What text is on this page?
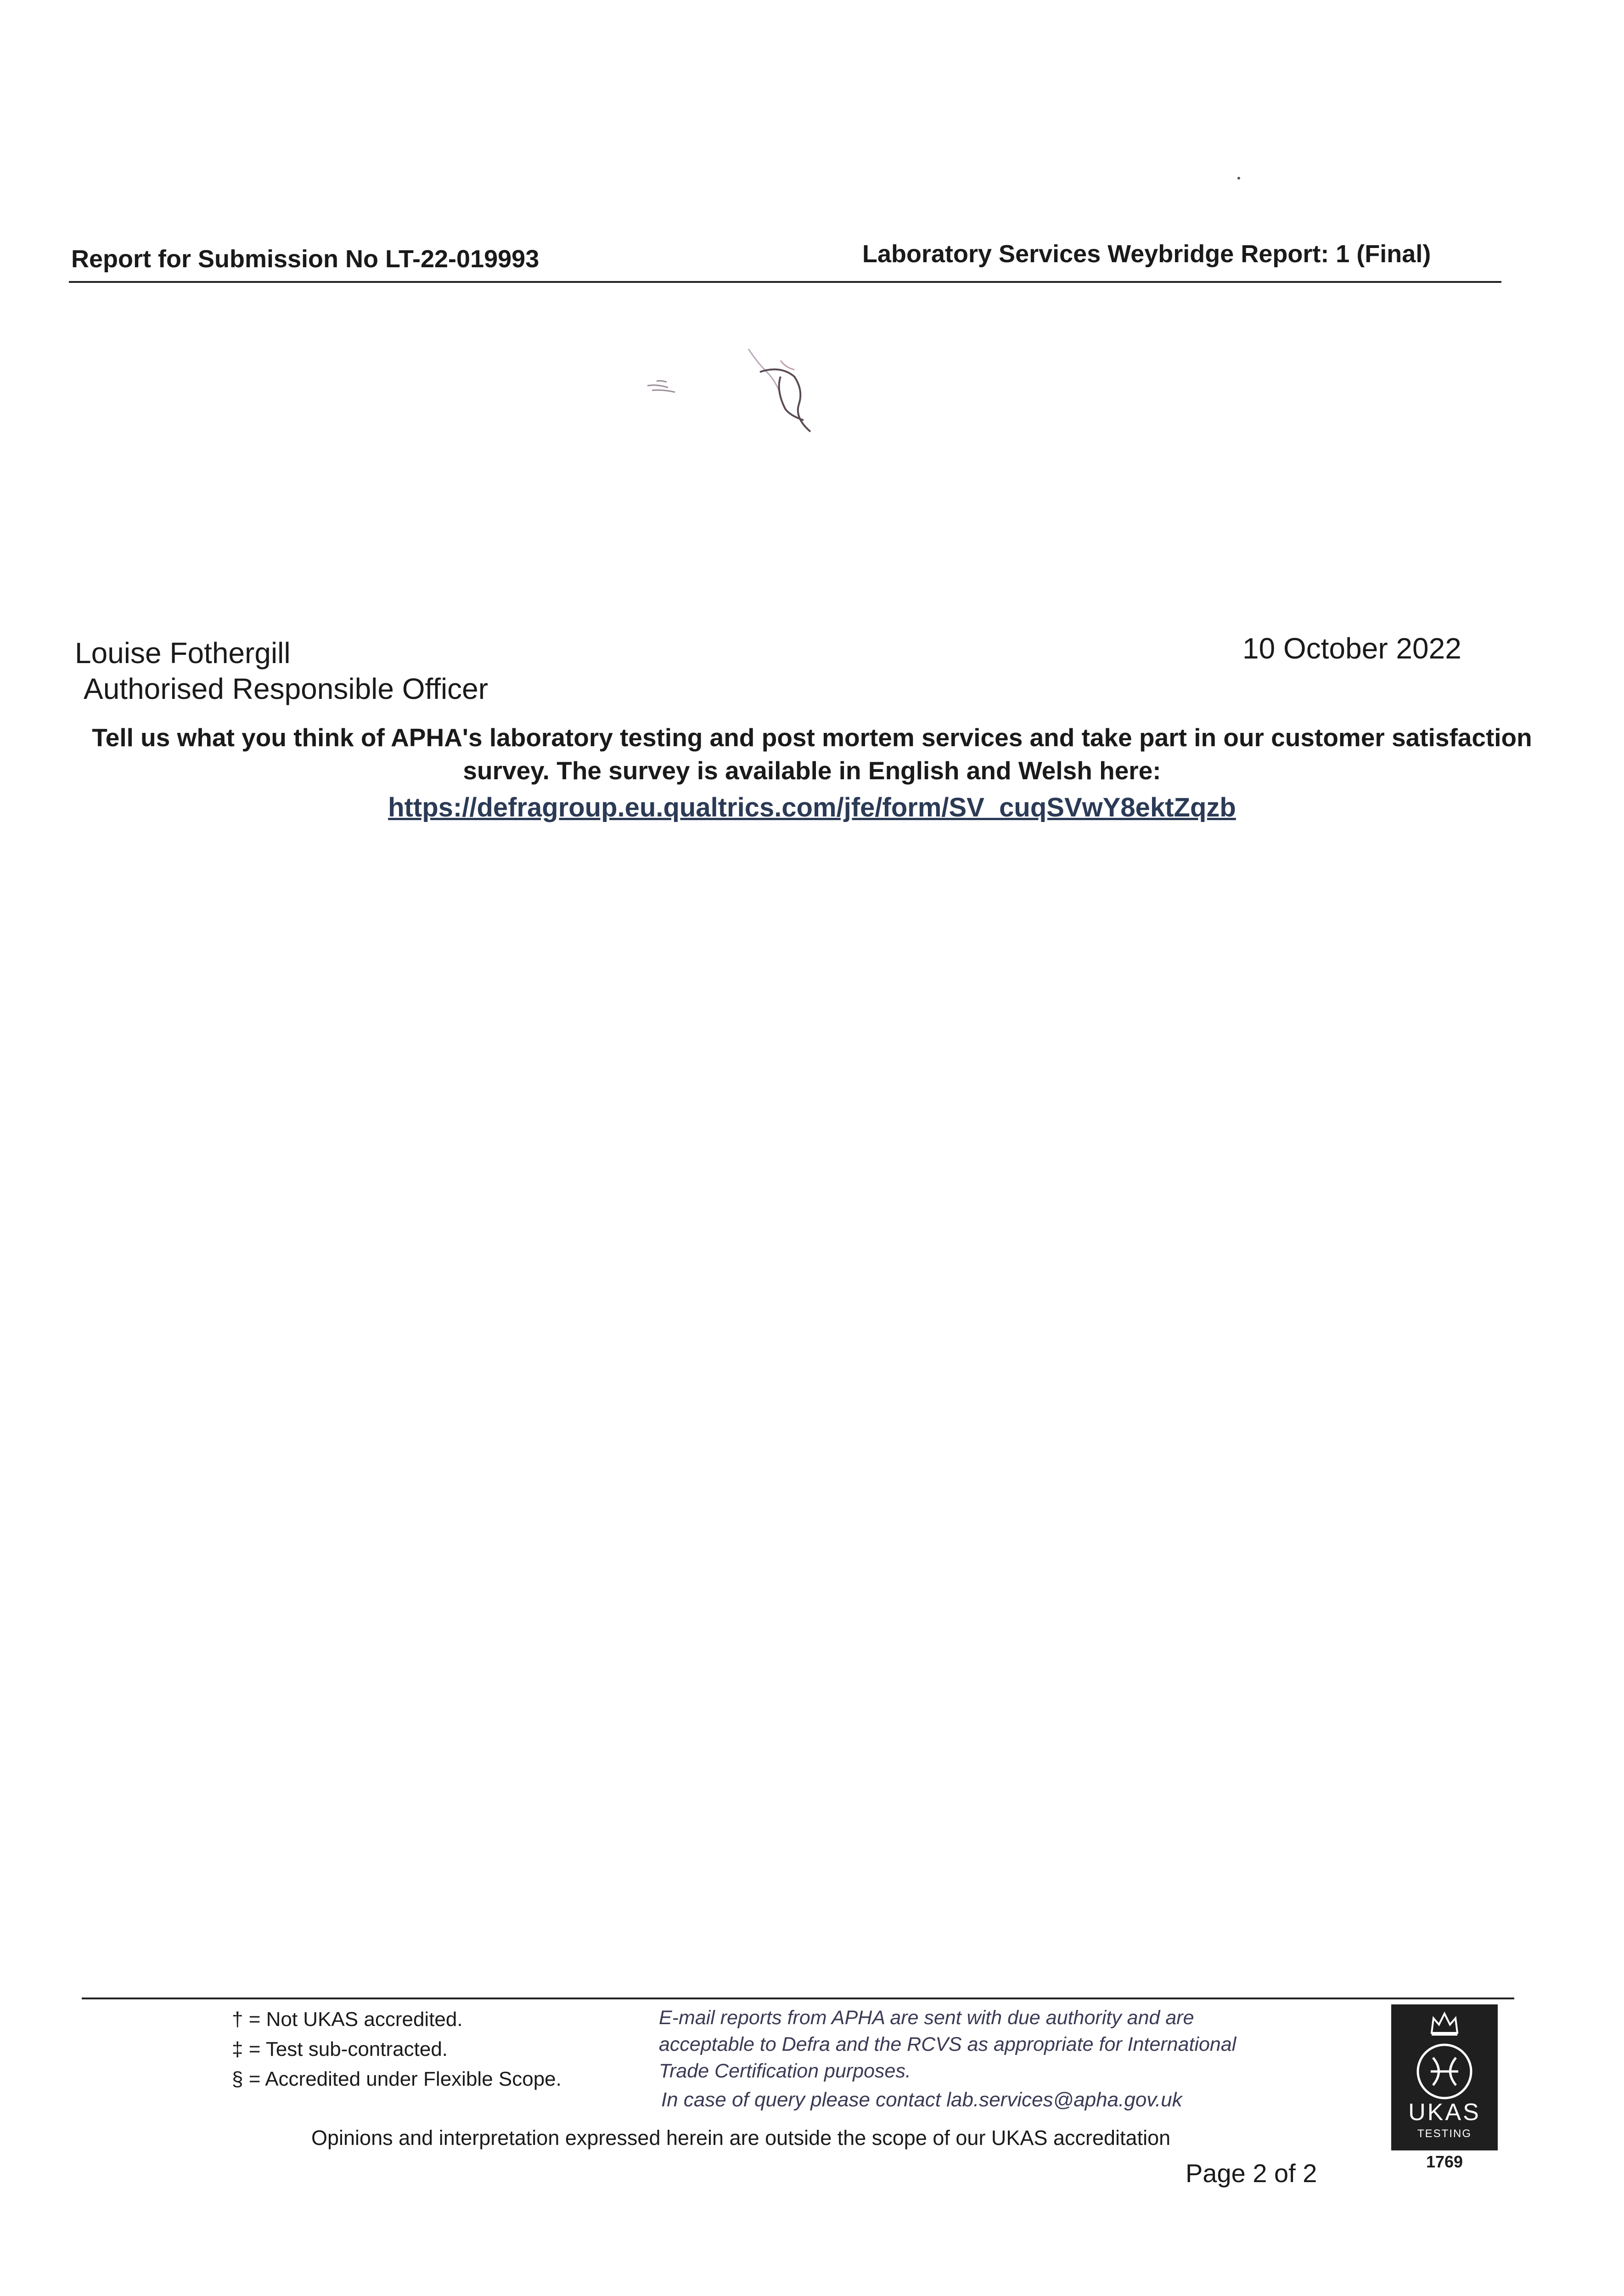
Report for Submission No LT-22-019993	Laboratory Services Weybridge Report: 1 (Final)
Louise Fothergill
Authorised Responsible Officer
10 October 2022
Tell us what you think of APHA's laboratory testing and post mortem services and take part in our customer satisfaction survey. The survey is available in English and Welsh here:
https://defragroup.eu.qualtrics.com/jfe/form/SV_cuqSVwY8ektZqzb
† = Not UKAS accredited.
‡ = Test sub-contracted.
§ = Accredited under Flexible Scope.
E-mail reports from APHA are sent with due authority and are
acceptable to Defra and the RCVS as appropriate for International
Trade Certification purposes.
In case of query please contact lab.services@apha.gov.uk
Opinions and interpretation expressed herein are outside the scope of our UKAS accreditation
Page 2 of 2
UKAS
TESTING
1769
